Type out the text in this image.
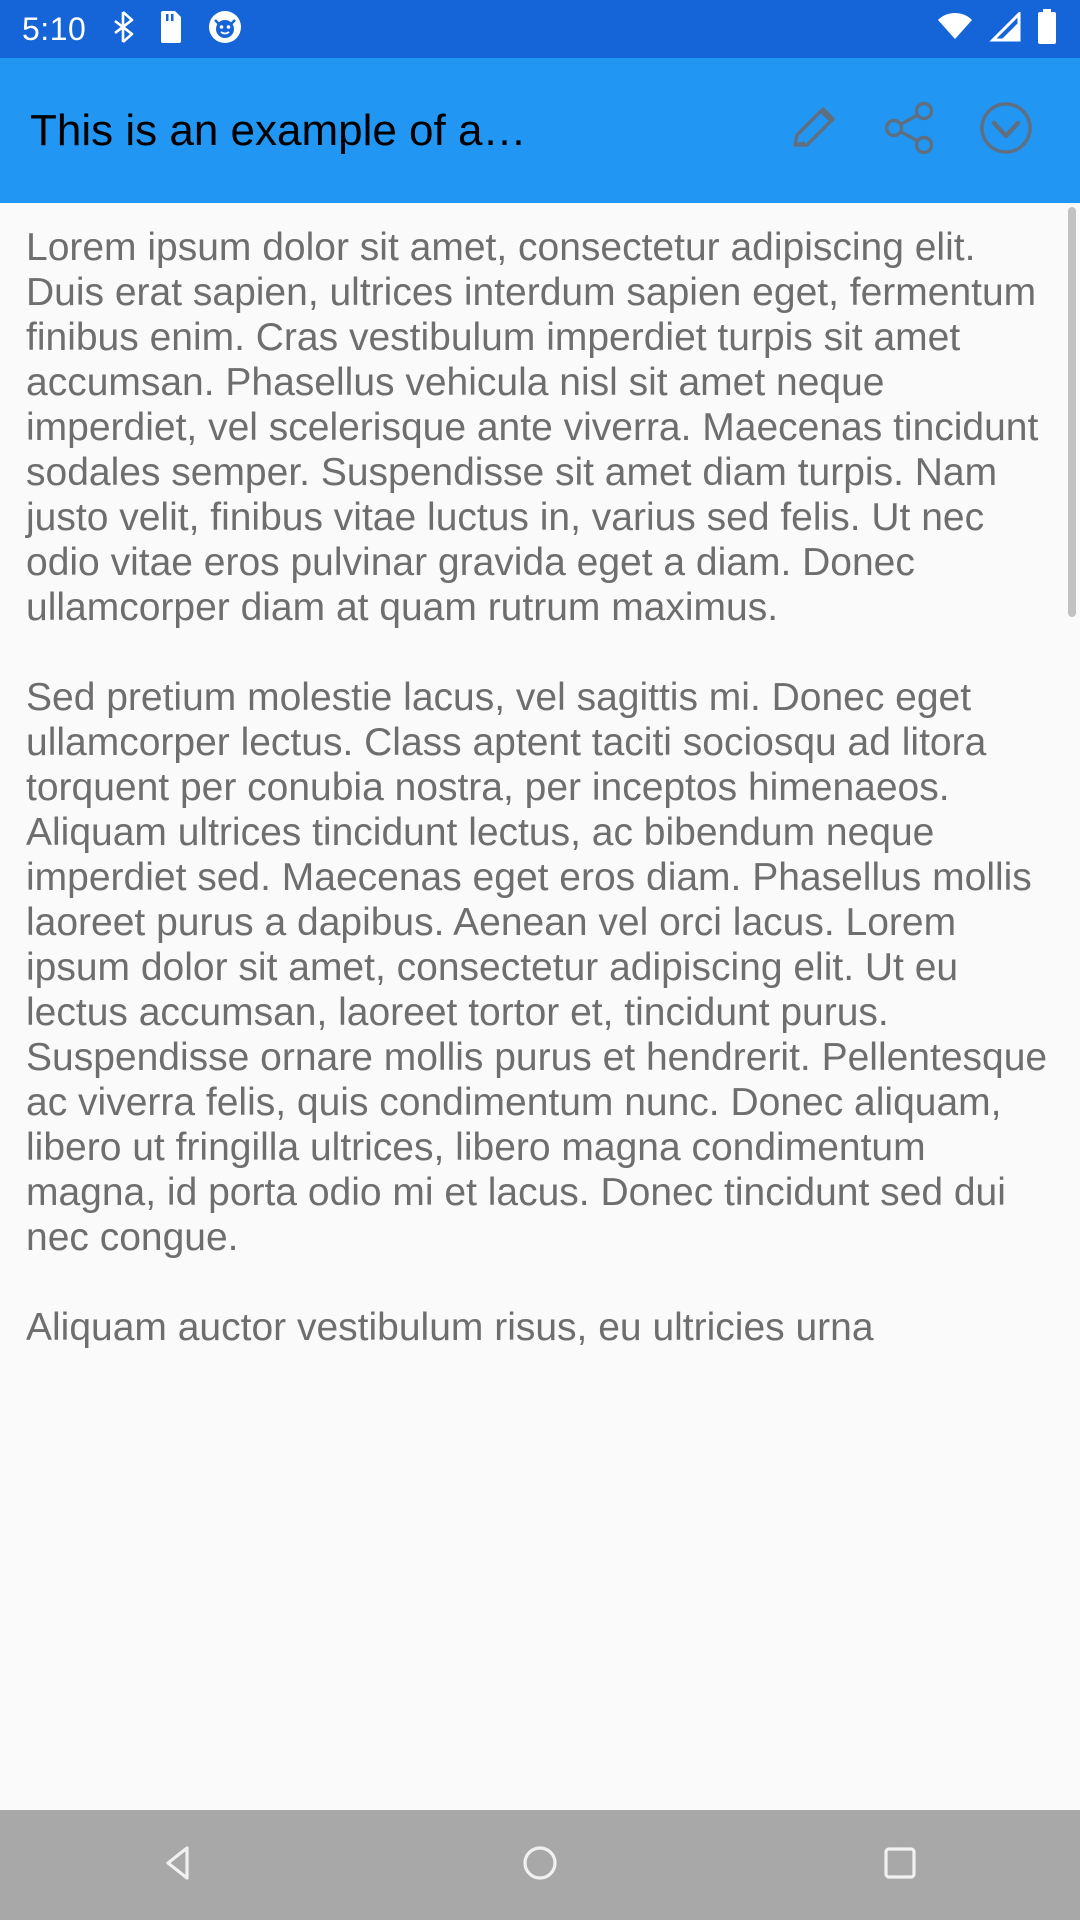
5:10
This is an example of a…

Lorem ipsum dolor sit amet, consectetur adipiscing elit. Duis erat sapien, ultrices interdum sapien eget, fermentum finibus enim. Cras vestibulum imperdiet turpis sit amet accumsan. Phasellus vehicula nisl sit amet neque imperdiet, vel scelerisque ante viverra. Maecenas tincidunt sodales semper. Suspendisse sit amet diam turpis. Nam justo velit, finibus vitae luctus in, varius sed felis. Ut nec odio vitae eros pulvinar gravida eget a diam. Donec ullamcorper diam at quam rutrum maximus.

Sed pretium molestie lacus, vel sagittis mi. Donec eget ullamcorper lectus. Class aptent taciti sociosqu ad litora torquent per conubia nostra, per inceptos himenaeos. Aliquam ultrices tincidunt lectus, ac bibendum neque imperdiet sed. Maecenas eget eros diam. Phasellus mollis laoreet purus a dapibus. Aenean vel orci lacus. Lorem ipsum dolor sit amet, consectetur adipiscing elit. Ut eu lectus accumsan, laoreet tortor et, tincidunt purus. Suspendisse ornare mollis purus et hendrerit. Pellentesque ac viverra felis, quis condimentum nunc. Donec aliquam, libero ut fringilla ultrices, libero magna condimentum magna, id porta odio mi et lacus. Donec tincidunt sed dui nec congue.

Aliquam auctor vestibulum risus, eu ultricies urna
